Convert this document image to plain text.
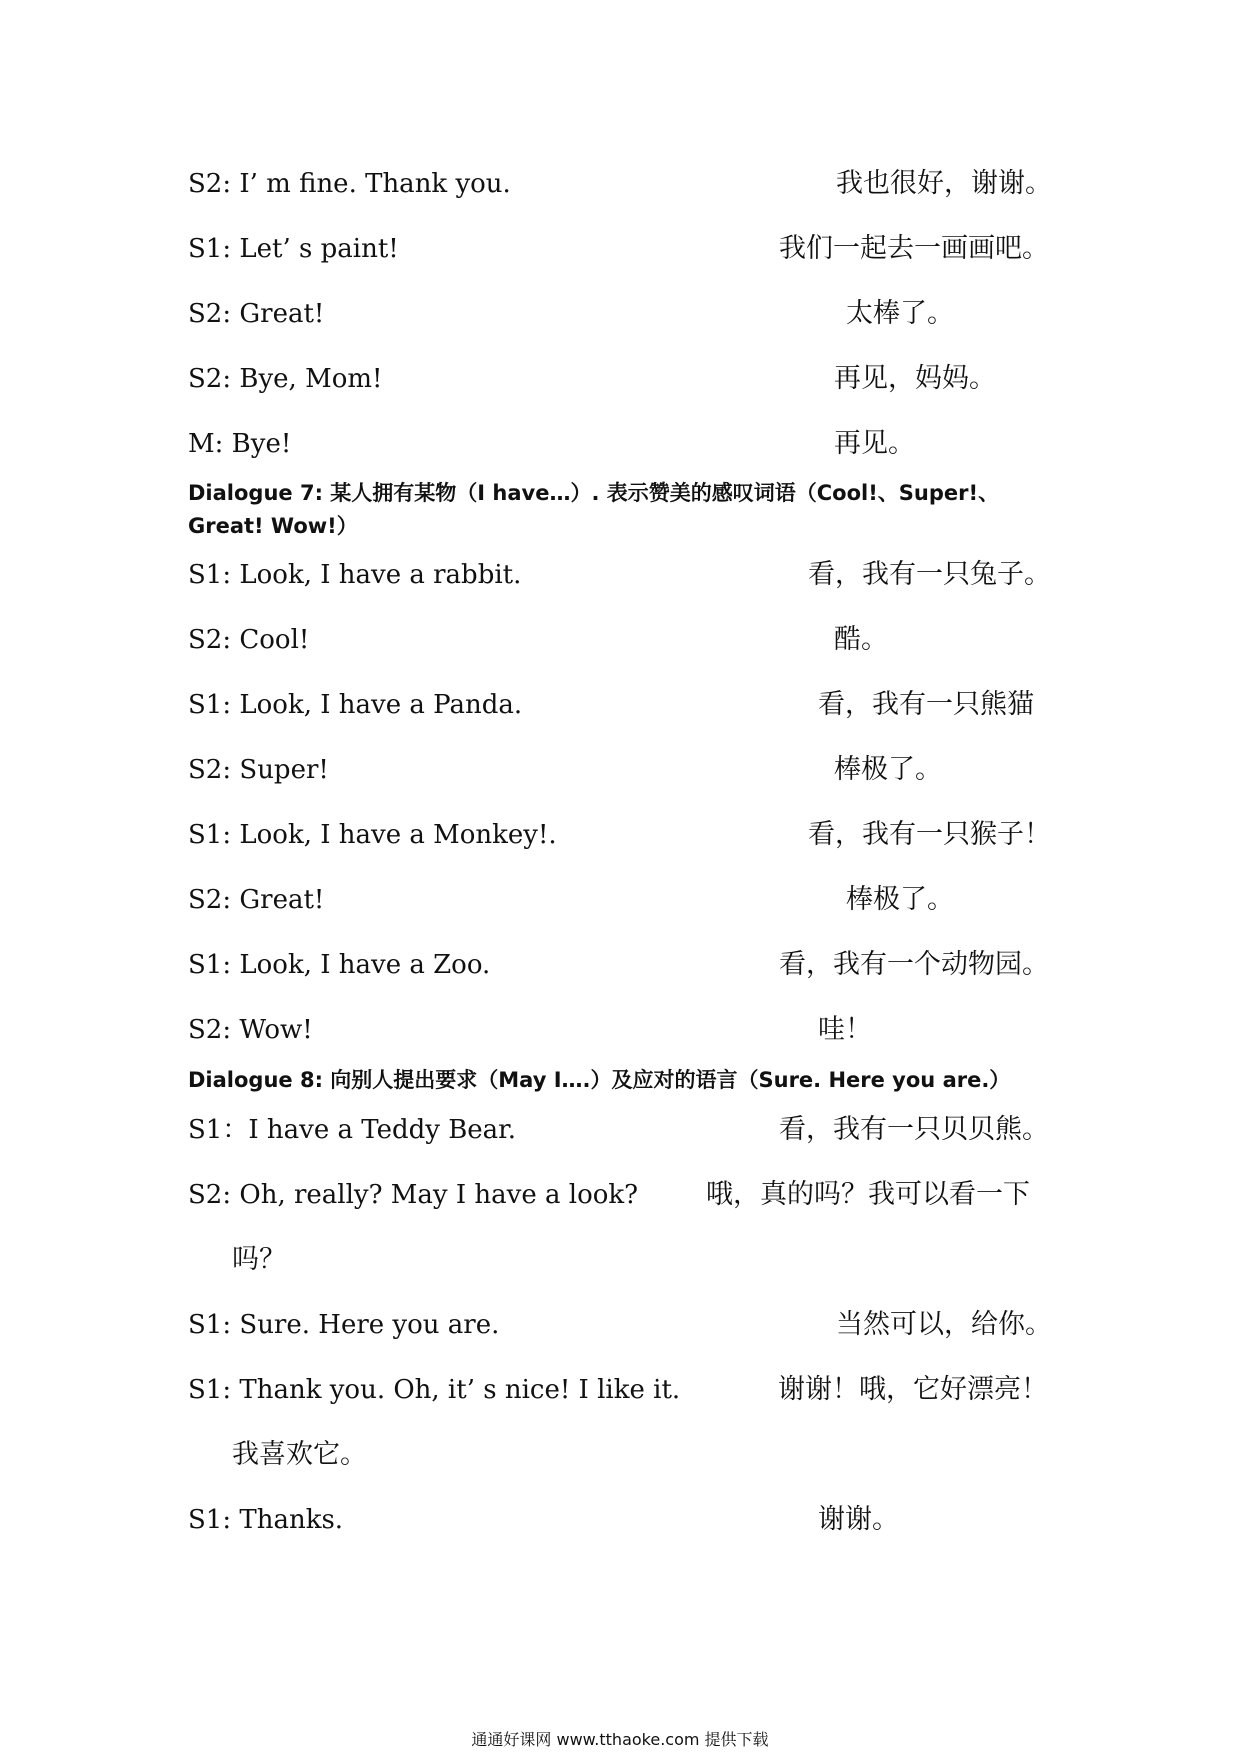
S2: I’ m fine. Thank you.	我也很好，谢谢。
S1: Let’ s paint!	我们一起去一画画吧。
S2: Great!	太棒了。
S2: Bye, Mom!	再见，妈妈。
M: Bye!	再见。
Dialogue 7: 某人拥有某物（I have…）. 表示赞美的感叹词语（Cool!、Super!、Great! Wow!）
S1: Look, I have a rabbit.	看，我有一只兔子。
S2: Cool!	酷。
S1: Look, I have a Panda.	看，我有一只熊猫
S2: Super!	棒极了。
S1: Look, I have a Monkey!.	看，我有一只猴子！
S2: Great!	棒极了。
S1: Look, I have a Zoo.	看，我有一个动物园。
S2: Wow!	哇！
Dialogue 8: 向别人提出要求（May I….）及应对的语言（Sure. Here you are.）
S1：I have a Teddy Bear.	看，我有一只贝贝熊。
S2: Oh, really? May I have a look?	哦，真的吗？我可以看一下
吗？
S1: Sure. Here you are.	当然可以，给你。
S1: Thank you. Oh, it’ s nice! I like it.	谢谢！哦，它好漂亮！
我喜欢它。
S1: Thanks.	谢谢。
通通好课网 www.tthaoke.com 提供下载
